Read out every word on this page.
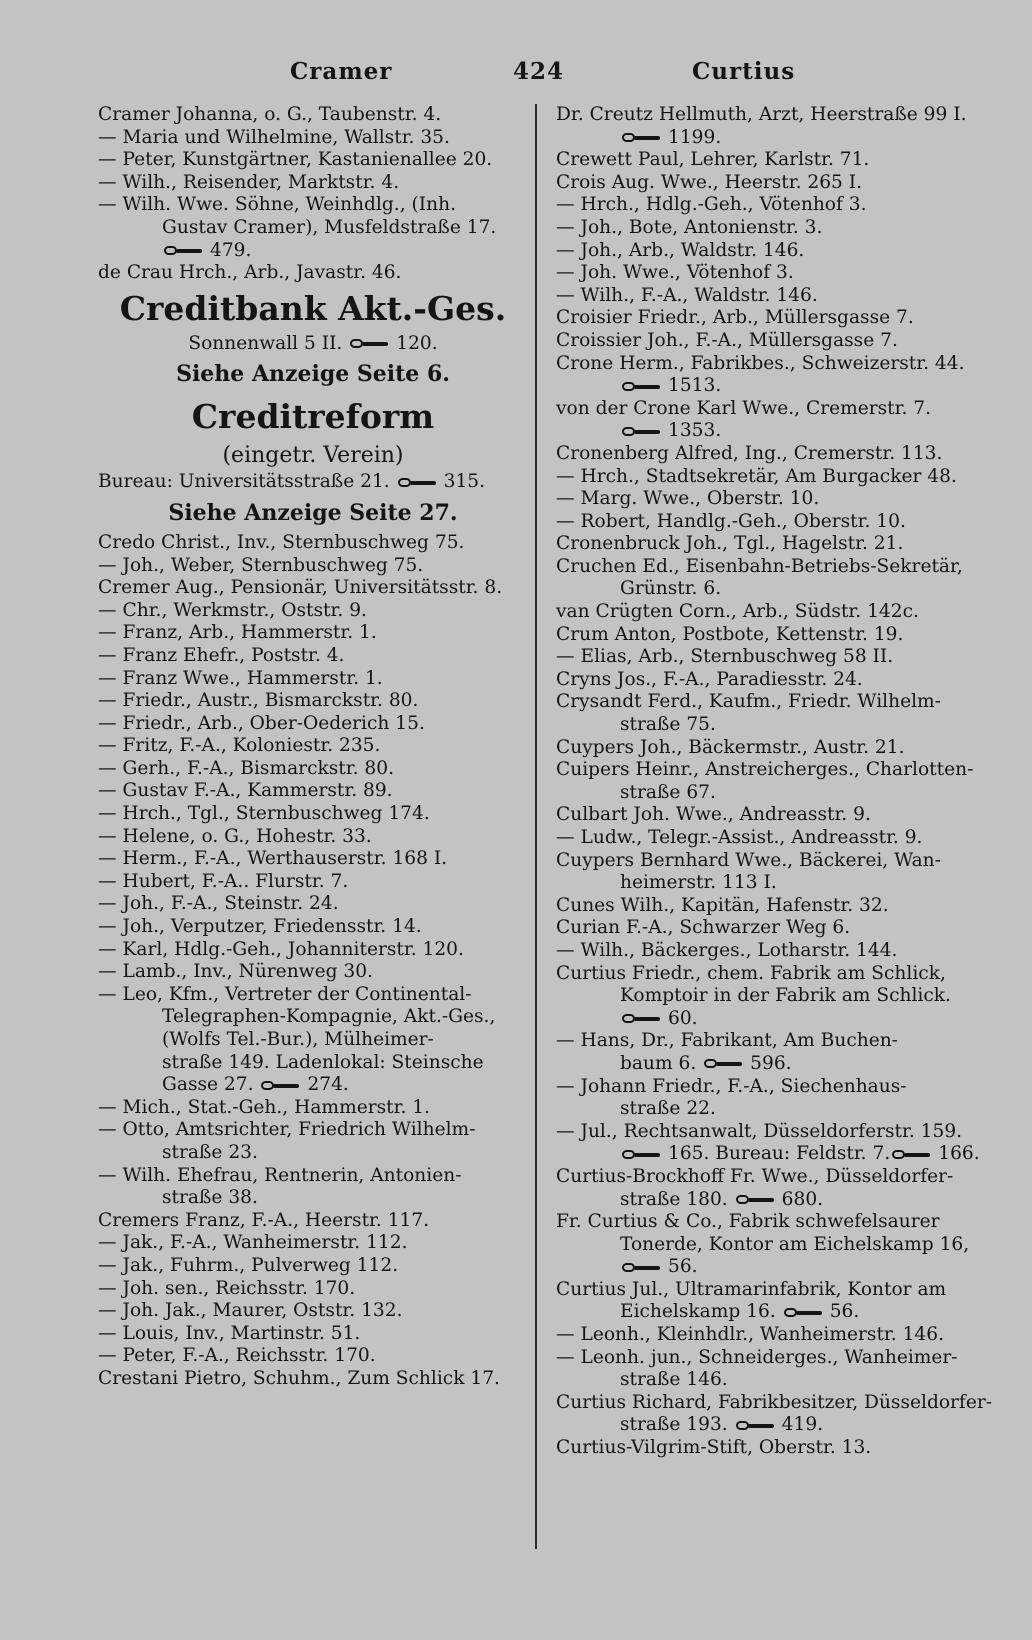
Cramer	424	Curtius
Cramer Johanna, o. G., Taubenstr. 4.
— Maria und Wilhelmine, Wallstr. 35.
— Peter, Kunstgärtner, Kastanienallee 20.
— Wilh., Reisender, Marktstr. 4.
— Wilh. Wwe. Söhne, Weinhdlg., (Inh.
Gustav Cramer), Musfeldstraße 17.
479.
de Crau Hrch., Arb., Javastr. 46.
Creditbank Akt.-Ges.
Sonnenwall 5 II.	120.
Siehe Anzeige Seite 6.
Creditreform
(eingetr. Verein)
Bureau: Universitätsstraße 21.	315.
Siehe Anzeige Seite 27.
Credo Christ., Inv., Sternbuschweg 75.
— Joh., Weber, Sternbuschweg 75.
Cremer Aug., Pensionär, Universitätsstr. 8.
— Chr., Werkmstr., Oststr. 9.
— Franz, Arb., Hammerstr. 1.
— Franz Ehefr., Poststr. 4.
— Franz Wwe., Hammerstr. 1.
— Friedr., Austr., Bismarckstr. 80.
— Friedr., Arb., Ober-Oederich 15.
— Fritz, F.-A., Koloniestr. 235.
— Gerh., F.-A., Bismarckstr. 80.
— Gustav F.-A., Kammerstr. 89.
— Hrch., Tgl., Sternbuschweg 174.
— Helene, o. G., Hohestr. 33.
— Herm., F.-A., Werthauserstr. 168 I.
— Hubert, F.-A.. Flurstr. 7.
— Joh., F.-A., Steinstr. 24.
— Joh., Verputzer, Friedensstr. 14.
— Karl, Hdlg.-Geh., Johanniterstr. 120.
— Lamb., Inv., Nürenweg 30.
— Leo, Kfm., Vertreter der Continental-
Telegraphen-Kompagnie, Akt.-Ges.,
(Wolfs Tel.-Bur.), Mülheimer-
straße 149. Ladenlokal: Steinsche
Gasse 27.	274.
— Mich., Stat.-Geh., Hammerstr. 1.
— Otto, Amtsrichter, Friedrich Wilhelm-
straße 23.
— Wilh. Ehefrau, Rentnerin, Antonien-
straße 38.
Cremers Franz, F.-A., Heerstr. 117.
— Jak., F.-A., Wanheimerstr. 112.
— Jak., Fuhrm., Pulverweg 112.
— Joh. sen., Reichsstr. 170.
— Joh. Jak., Maurer, Oststr. 132.
— Louis, Inv., Martinstr. 51.
— Peter, F.-A., Reichsstr. 170.
Crestani Pietro, Schuhm., Zum Schlick 17.
Dr. Creutz Hellmuth, Arzt, Heerstraße 99 I.
1199.
Crewett Paul, Lehrer, Karlstr. 71.
Crois Aug. Wwe., Heerstr. 265 I.
— Hrch., Hdlg.-Geh., Vötenhof 3.
— Joh., Bote, Antonienstr. 3.
— Joh., Arb., Waldstr. 146.
— Joh. Wwe., Vötenhof 3.
— Wilh., F.-A., Waldstr. 146.
Croisier Friedr., Arb., Müllersgasse 7.
Croissier Joh., F.-A., Müllersgasse 7.
Crone Herm., Fabrikbes., Schweizerstr. 44.
1513.
von der Crone Karl Wwe., Cremerstr. 7.
1353.
Cronenberg Alfred, Ing., Cremerstr. 113.
— Hrch., Stadtsekretär, Am Burgacker 48.
— Marg. Wwe., Oberstr. 10.
— Robert, Handlg.-Geh., Oberstr. 10.
Cronenbruck Joh., Tgl., Hagelstr. 21.
Cruchen Ed., Eisenbahn-Betriebs-Sekretär,
Grünstr. 6.
van Crügten Corn., Arb., Südstr. 142c.
Crum Anton, Postbote, Kettenstr. 19.
— Elias, Arb., Sternbuschweg 58 II.
Cryns Jos., F.-A., Paradiesstr. 24.
Crysandt Ferd., Kaufm., Friedr. Wilhelm-
straße 75.
Cuypers Joh., Bäckermstr., Austr. 21.
Cuipers Heinr., Anstreicherges., Charlotten-
straße 67.
Culbart Joh. Wwe., Andreasstr. 9.
— Ludw., Telegr.-Assist., Andreasstr. 9.
Cuypers Bernhard Wwe., Bäckerei, Wan-
heimerstr. 113 I.
Cunes Wilh., Kapitän, Hafenstr. 32.
Curian F.-A., Schwarzer Weg 6.
— Wilh., Bäckerges., Lotharstr. 144.
Curtius Friedr., chem. Fabrik am Schlick,
Komptoir in der Fabrik am Schlick.
60.
— Hans, Dr., Fabrikant, Am Buchen-
baum 6.	596.
— Johann Friedr., F.-A., Siechenhaus-
straße 22.
— Jul., Rechtsanwalt, Düsseldorferstr. 159.
165. Bureau: Feldstr. 7.	166.
Curtius-Brockhoff Fr. Wwe., Düsseldorfer-
straße 180.	680.
Fr. Curtius & Co., Fabrik schwefelsaurer
Tonerde, Kontor am Eichelskamp 16,
56.
Curtius Jul., Ultramarinfabrik, Kontor am
Eichelskamp 16.	56.
— Leonh., Kleinhdlr., Wanheimerstr. 146.
— Leonh. jun., Schneiderges., Wanheimer-
straße 146.
Curtius Richard, Fabrikbesitzer, Düsseldorfer-
straße 193.	419.
Curtius-Vilgrim-Stift, Oberstr. 13.
